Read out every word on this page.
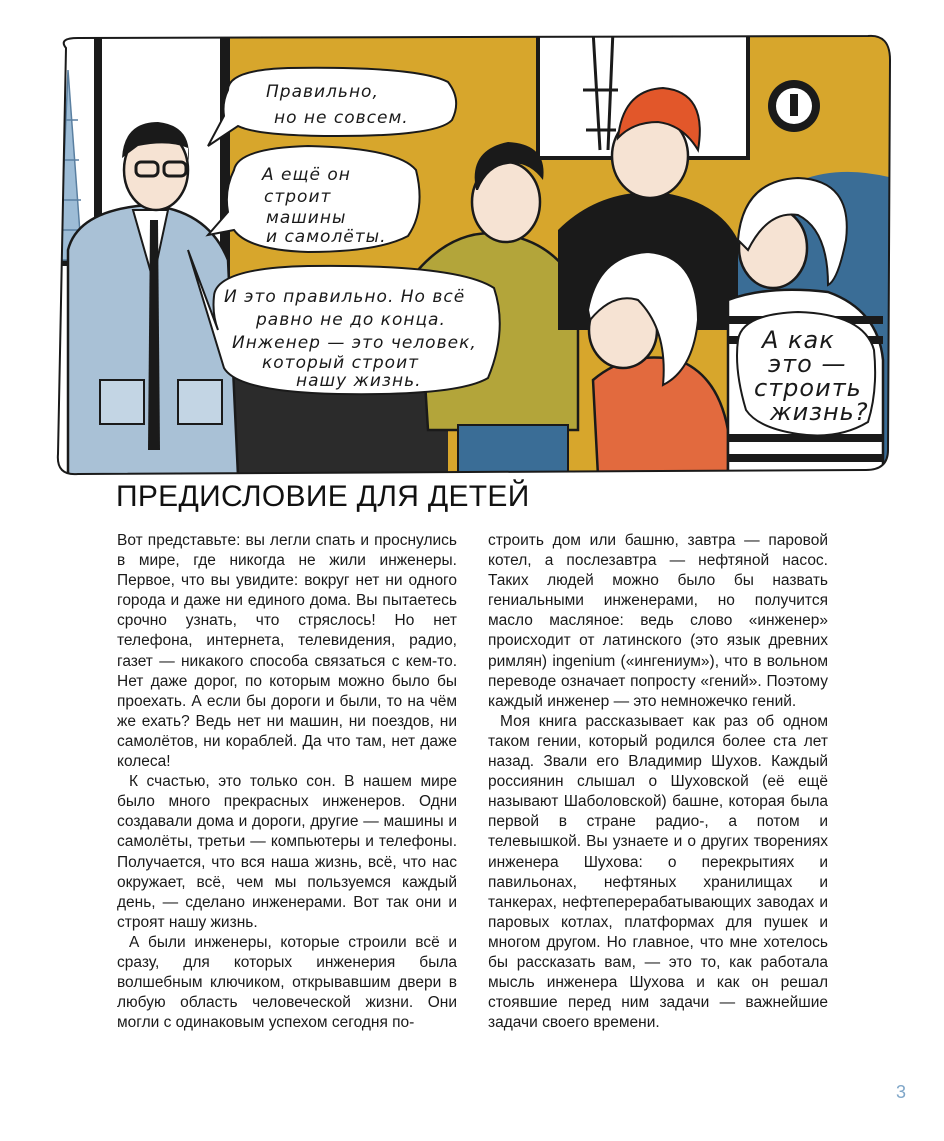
Правильно,
но не совсем.
А ещё он
строит
машины
и самолёты.
И это правильно. Но всё
равно не до конца.
Инженер — это человек,
который строит
нашу жизнь.
А как
это —
строить
жизнь?
ПРЕДИСЛОВИЕ ДЛЯ ДЕТЕЙ

Вот представьте: вы легли спать и проснулись в мире, где никогда не жили инженеры. Первое, что вы увидите: вокруг нет ни одного города и даже ни единого дома. Вы пытаетесь срочно узнать, что стряслось! Но нет телефона, интернета, телевидения, радио, газет — никакого способа связаться с кем-то. Нет даже дорог, по которым можно было бы проехать. А если бы дороги и были, то на чём же ехать? Ведь нет ни машин, ни поездов, ни самолётов, ни кораблей. Да что там, нет даже колеса!

К счастью, это только сон. В нашем мире было много прекрасных инженеров. Одни создавали дома и дороги, другие — машины и самолёты, третьи — компьютеры и телефоны. Получается, что вся наша жизнь, всё, что нас окружает, всё, чем мы пользуемся каждый день, — сделано инженерами. Вот так они и строят нашу жизнь.

А были инженеры, которые строили всё и сразу, для которых инженерия была волшебным ключиком, открывавшим двери в любую область человеческой жизни. Они могли с одинаковым успехом сегодня по-

строить дом или башню, завтра — паровой котел, а послезавтра — нефтяной насос. Таких людей можно было бы назвать гениальными инженерами, но получится масло масляное: ведь слово «инженер» происходит от латинского (это язык древних римлян) ingenium («ингениум»), что в вольном переводе означает попросту «гений». Поэтому каждый инженер — это немножечко гений.

Моя книга рассказывает как раз об одном таком гении, который родился более ста лет назад. Звали его Владимир Шухов. Каждый россиянин слышал о Шуховской (её ещё называют Шаболовской) башне, которая была первой в стране радио-, а потом и телевышкой. Вы узнаете и о других творениях инженера Шухова: о перекрытиях и павильонах, нефтяных хранилищах и танкерах, нефтеперерабатывающих заводах и паровых котлах, платформах для пушек и многом другом. Но главное, что мне хотелось бы рассказать вам, — это то, как работала мысль инженера Шухова и как он решал стоявшие перед ним задачи — важнейшие задачи своего времени.

3
